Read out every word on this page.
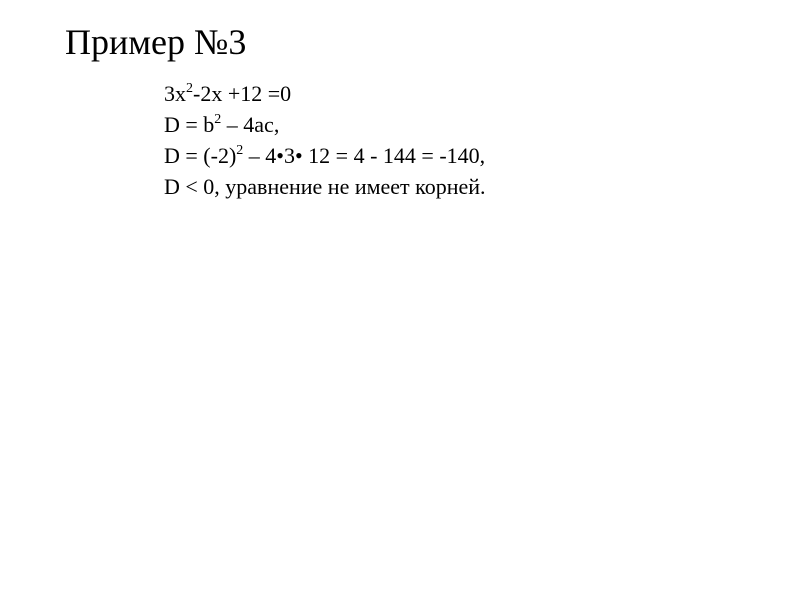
Пример №3
$3x^2-2x +12 =0$
$D = b^2 - 4ac$,
$D = (-2)^2$ – 4•3• 12 = 4 - 144 = -140,
D < 0, уравнение не имеет корней.
